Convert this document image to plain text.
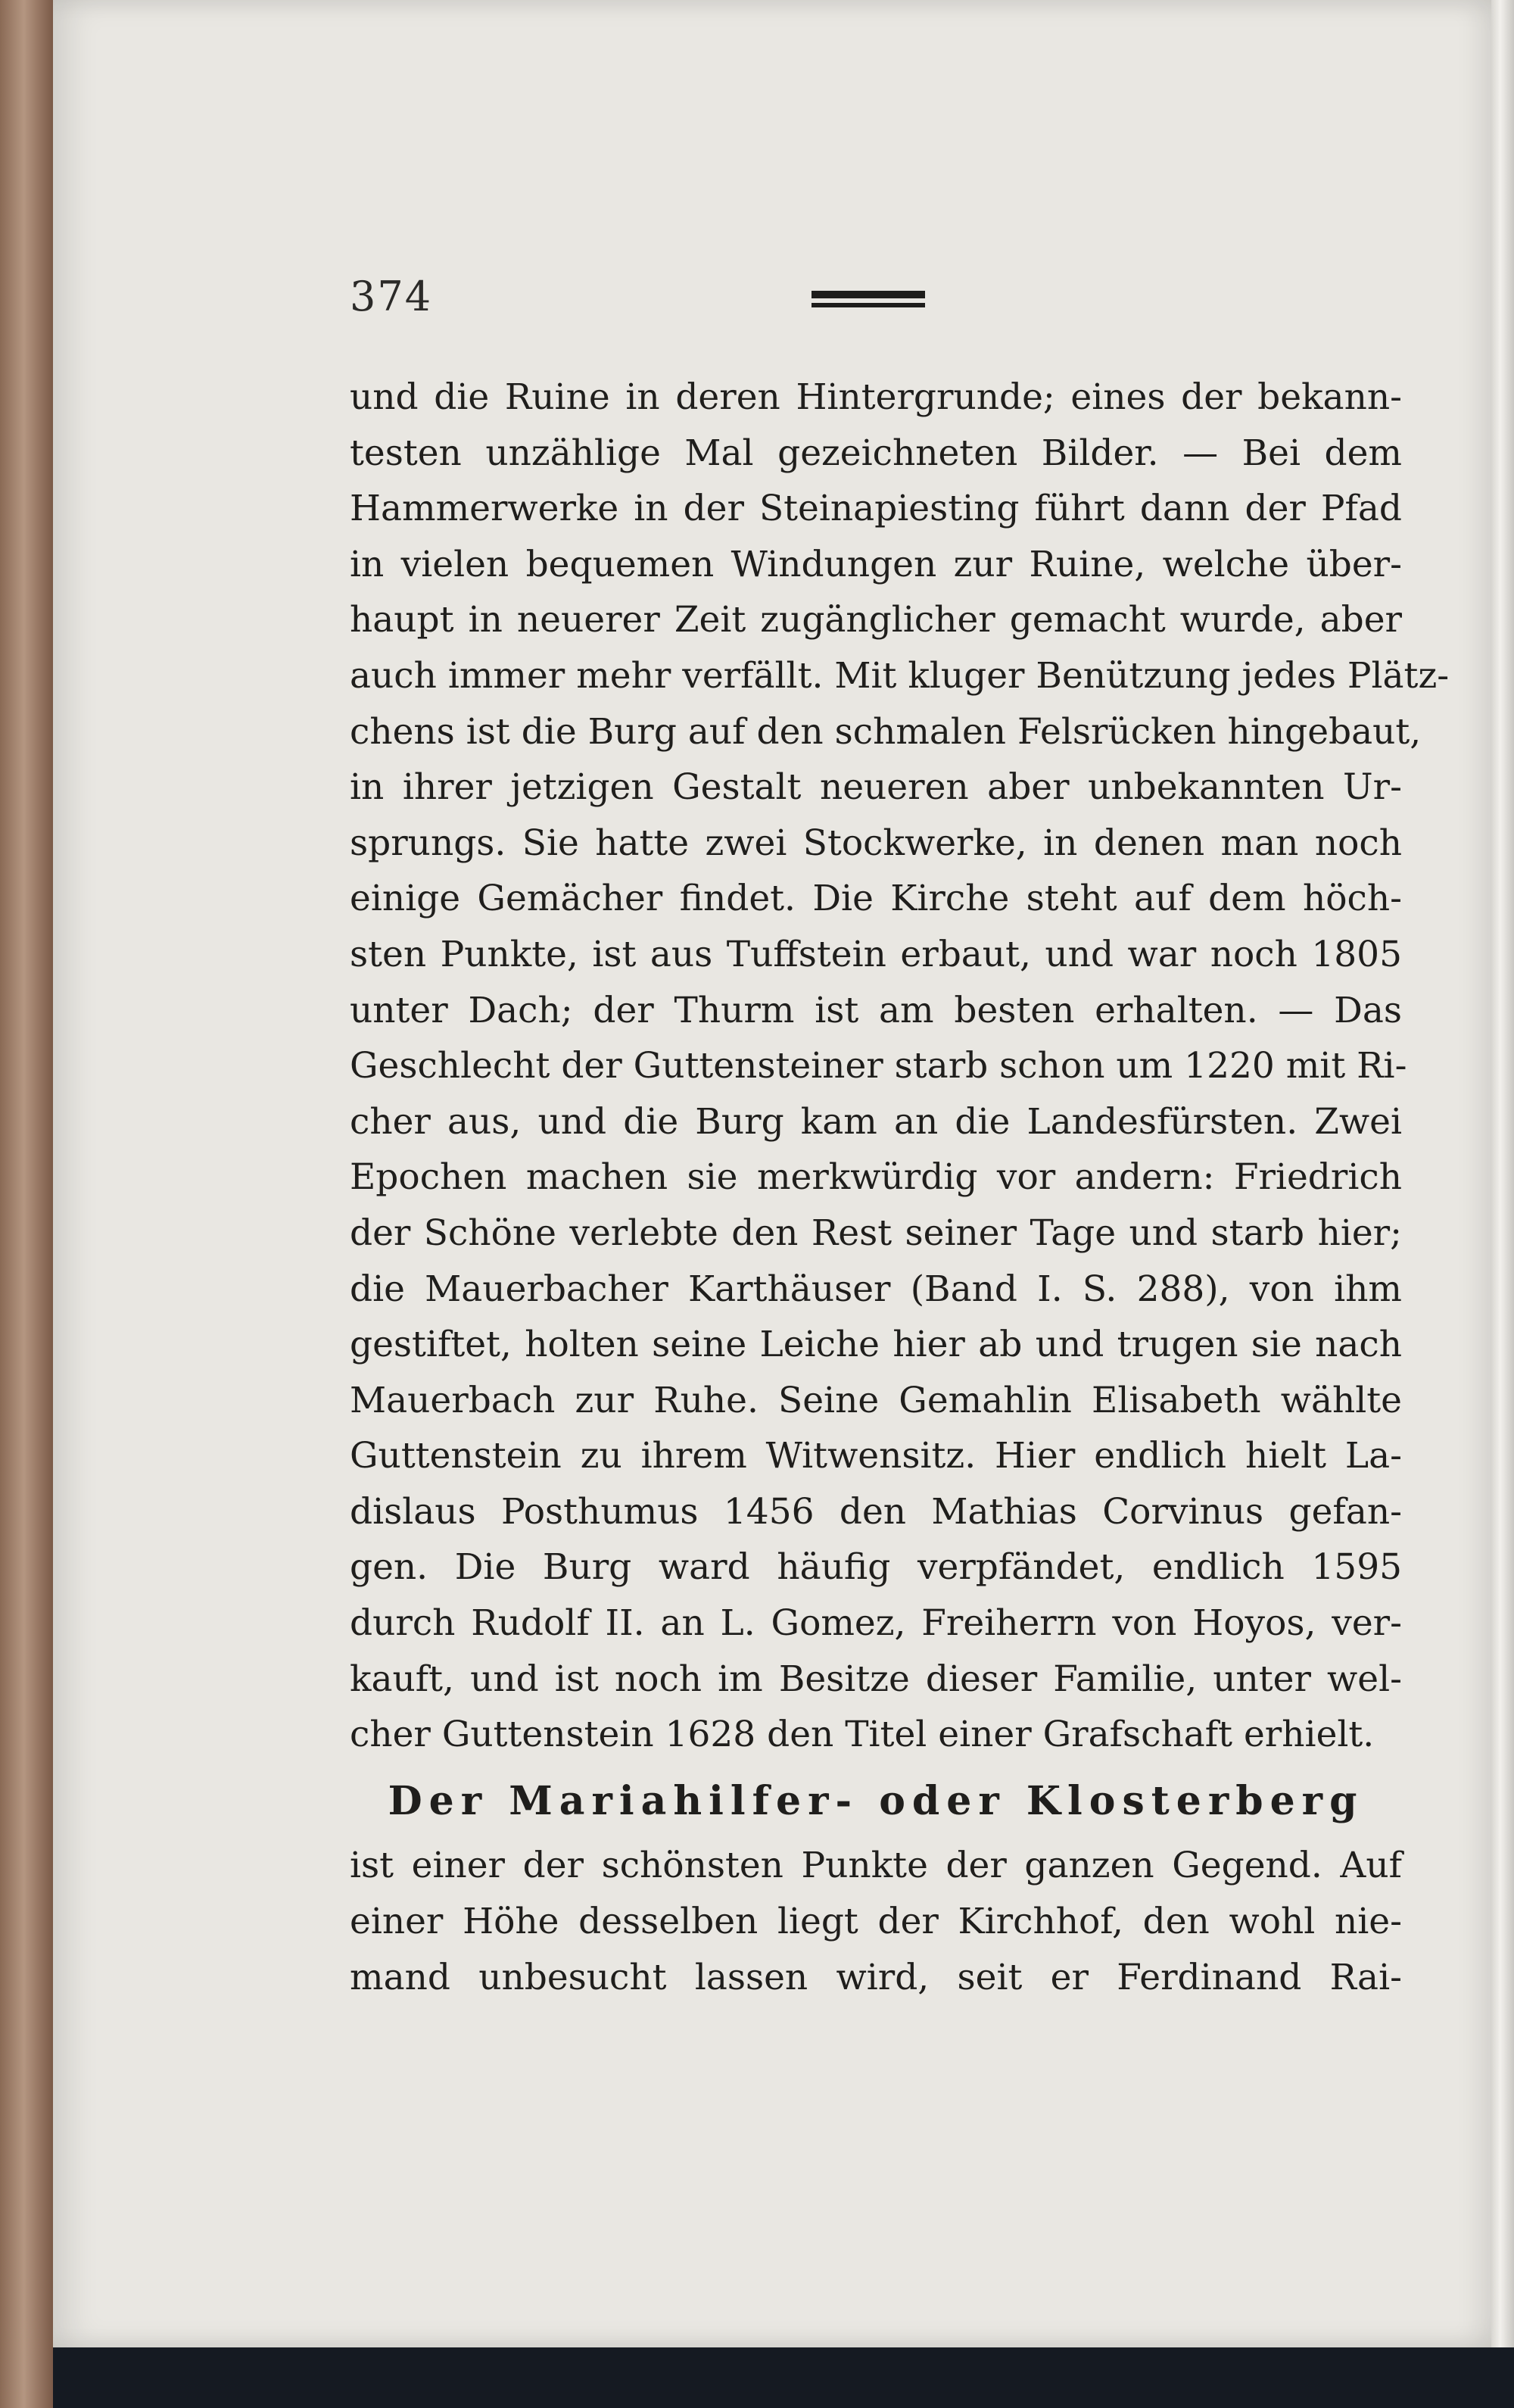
374
und die Ruine in deren Hintergrunde; eines der bekann-
testen unzählige Mal gezeichneten Bilder. — Bei dem
Hammerwerke in der Steinapiesting führt dann der Pfad
in vielen bequemen Windungen zur Ruine, welche über-
haupt in neuerer Zeit zugänglicher gemacht wurde, aber
auch immer mehr verfällt. Mit kluger Benützung jedes Plätz-
chens ist die Burg auf den schmalen Felsrücken hingebaut,
in ihrer jetzigen Gestalt neueren aber unbekannten Ur-
sprungs. Sie hatte zwei Stockwerke, in denen man noch
einige Gemächer findet. Die Kirche steht auf dem höch-
sten Punkte, ist aus Tuffstein erbaut, und war noch 1805
unter Dach; der Thurm ist am besten erhalten. — Das
Geschlecht der Guttensteiner starb schon um 1220 mit Ri-
cher aus, und die Burg kam an die Landesfürsten. Zwei
Epochen machen sie merkwürdig vor andern: Friedrich
der Schöne verlebte den Rest seiner Tage und starb hier;
die Mauerbacher Karthäuser (Band I. S. 288), von ihm
gestiftet, holten seine Leiche hier ab und trugen sie nach
Mauerbach zur Ruhe. Seine Gemahlin Elisabeth wählte
Guttenstein zu ihrem Witwensitz. Hier endlich hielt La-
dislaus Posthumus 1456 den Mathias Corvinus gefan-
gen. Die Burg ward häufig verpfändet, endlich 1595
durch Rudolf II. an L. Gomez, Freiherrn von Hoyos, ver-
kauft, und ist noch im Besitze dieser Familie, unter wel-
cher Guttenstein 1628 den Titel einer Grafschaft erhielt.
Der Mariahilfer- oder Klosterberg
ist einer der schönsten Punkte der ganzen Gegend. Auf
einer Höhe desselben liegt der Kirchhof, den wohl nie-
mand unbesucht lassen wird, seit er Ferdinand Rai-
